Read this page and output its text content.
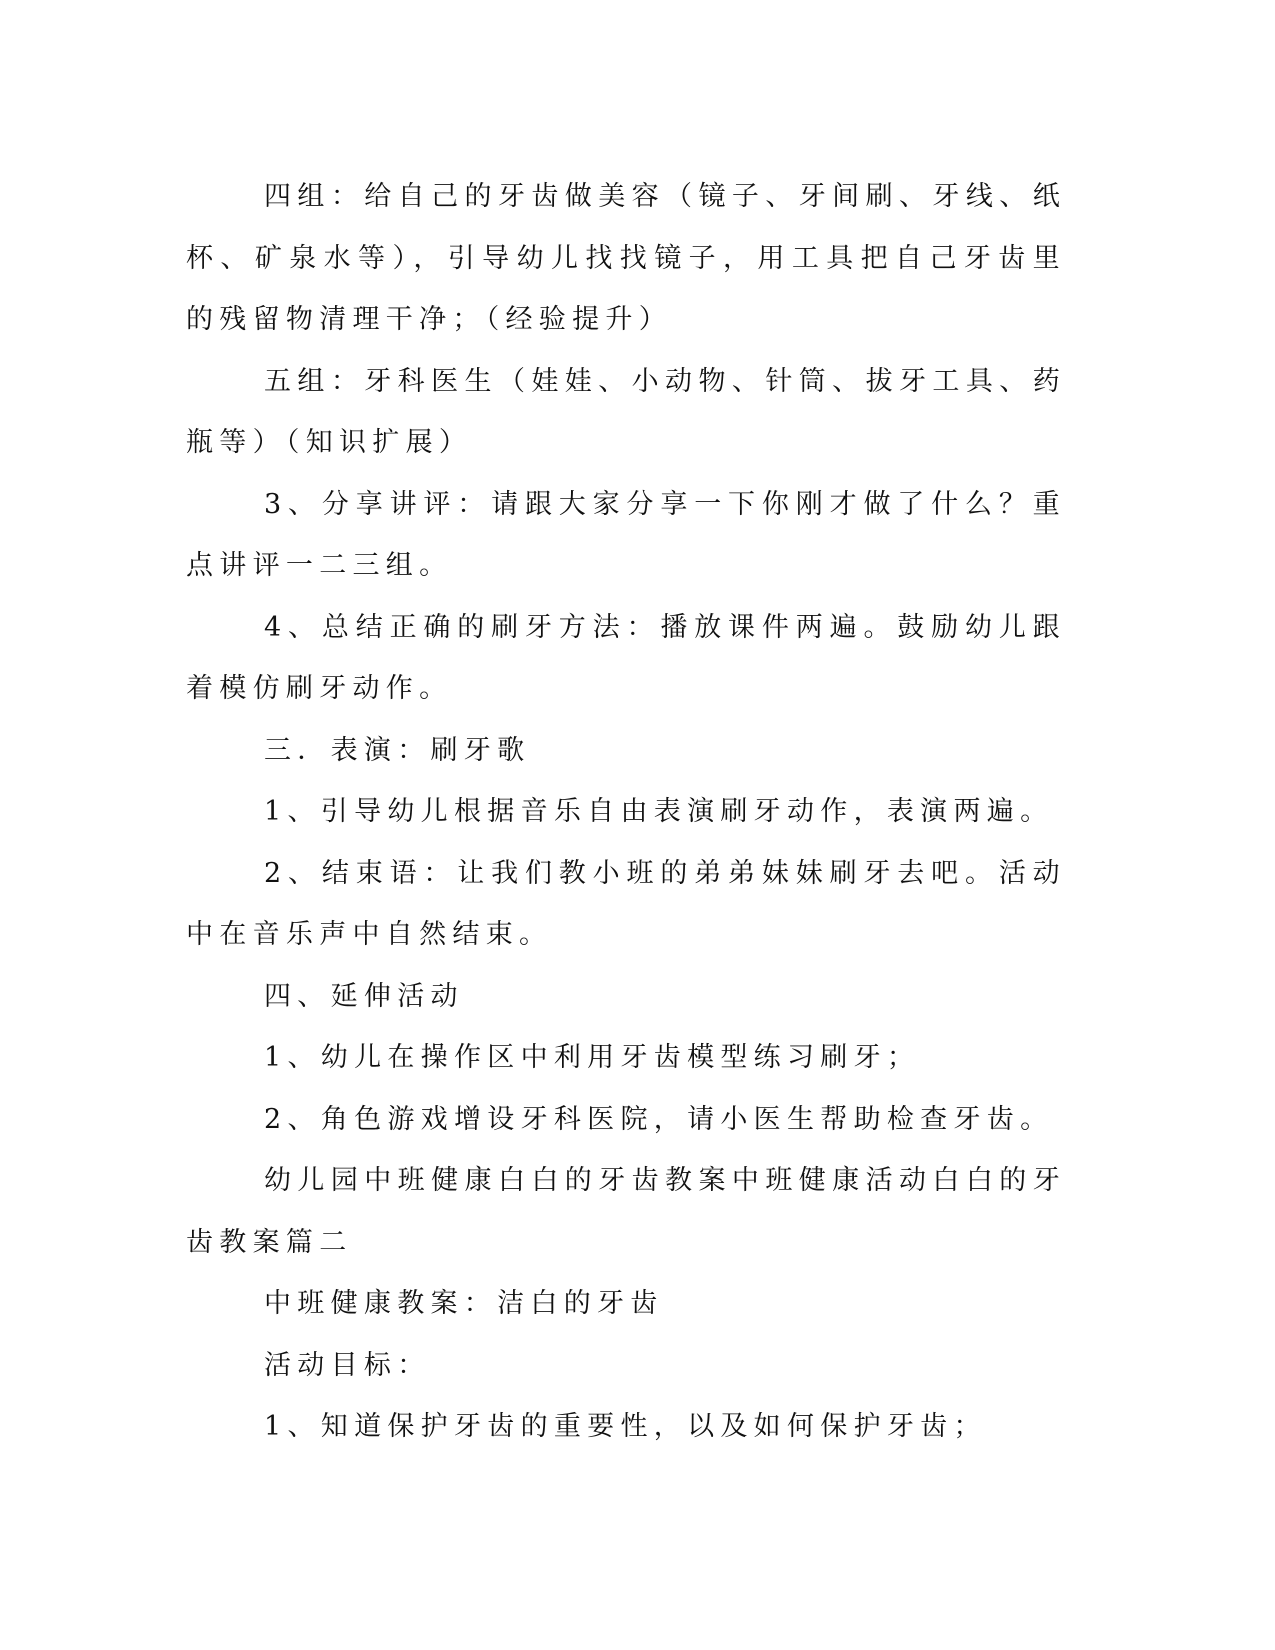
四组：给自己的牙齿做美容（镜子、牙间刷、牙线、纸杯、矿泉水等），引导幼儿找找镜子，用工具把自己牙齿里的残留物清理干净；（经验提升）

五组：牙科医生（娃娃、小动物、针筒、拔牙工具、药瓶等）（知识扩展）

3、分享讲评：请跟大家分享一下你刚才做了什么？重点讲评一二三组。

4、总结正确的刷牙方法：播放课件两遍。鼓励幼儿跟着模仿刷牙动作。

三．表演：刷牙歌

1、引导幼儿根据音乐自由表演刷牙动作，表演两遍。

2、结束语：让我们教小班的弟弟妹妹刷牙去吧。活动中在音乐声中自然结束。

四、延伸活动

1、幼儿在操作区中利用牙齿模型练习刷牙；

2、角色游戏增设牙科医院，请小医生帮助检查牙齿。

幼儿园中班健康白白的牙齿教案中班健康活动白白的牙齿教案篇二

中班健康教案：洁白的牙齿

活动目标：

1、知道保护牙齿的重要性，以及如何保护牙齿；
